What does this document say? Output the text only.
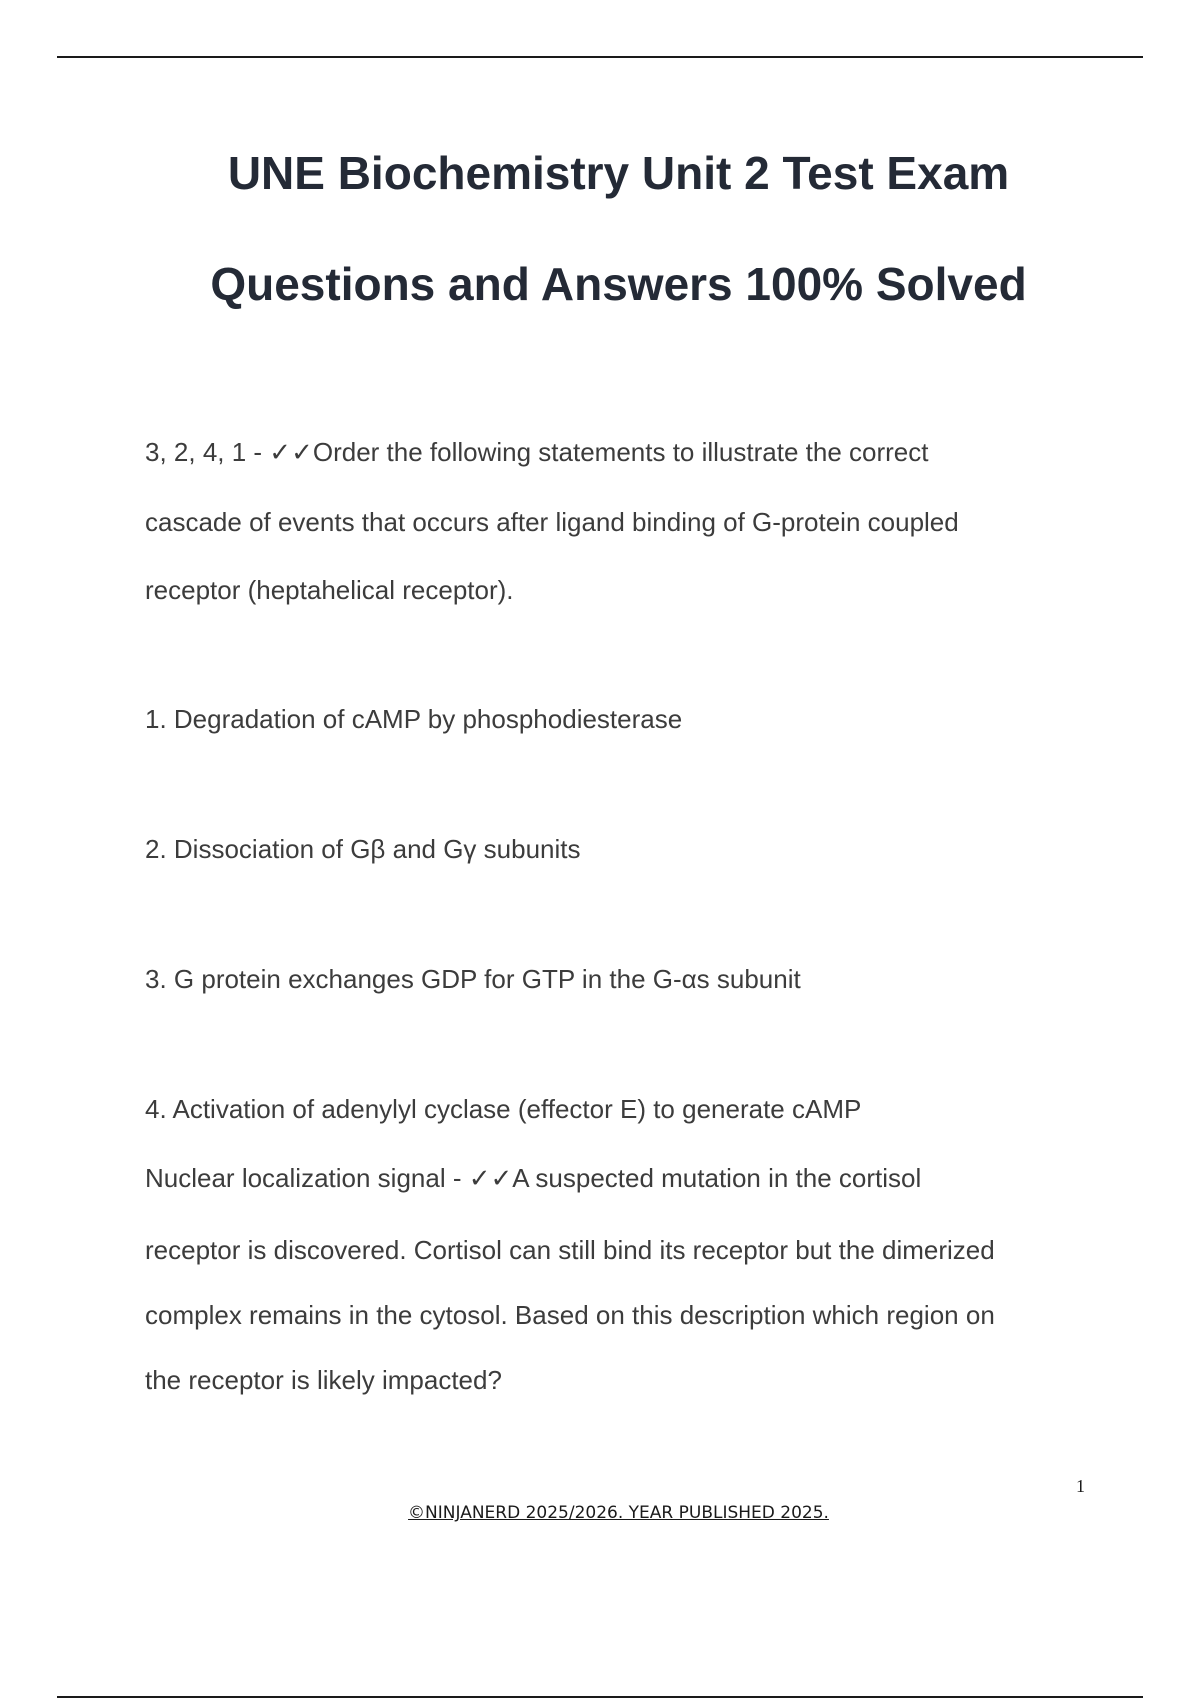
UNE Biochemistry Unit 2 Test Exam
Questions and Answers 100% Solved
3, 2, 4, 1 - ✓✓Order the following statements to illustrate the correct
cascade of events that occurs after ligand binding of G-protein coupled
receptor (heptahelical receptor).
1. Degradation of cAMP by phosphodiesterase
2. Dissociation of Gβ and Gγ subunits
3. G protein exchanges GDP for GTP in the G-αs subunit
4. Activation of adenylyl cyclase (effector E) to generate cAMP
Nuclear localization signal - ✓✓A suspected mutation in the cortisol
receptor is discovered. Cortisol can still bind its receptor but the dimerized
complex remains in the cytosol. Based on this description which region on
the receptor is likely impacted?
1
©NINJANERD 2025/2026. YEAR PUBLISHED 2025.
